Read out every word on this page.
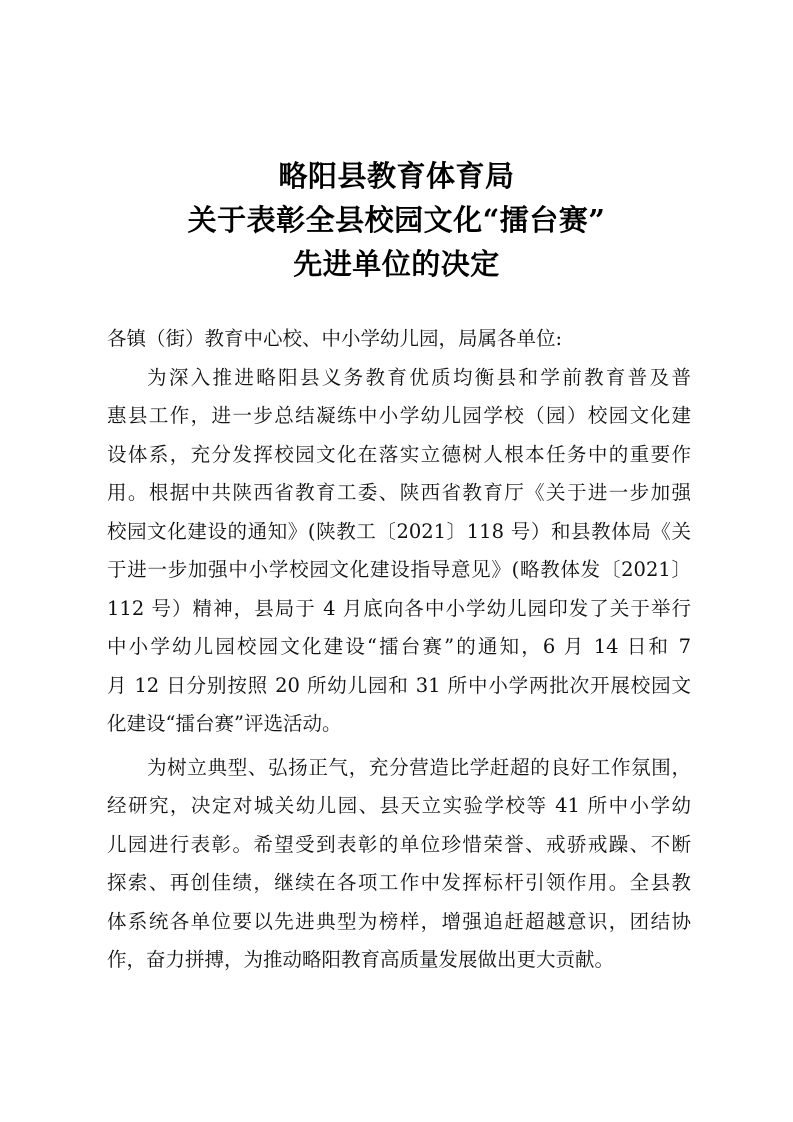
略阳县教育体育局
关于表彰全县校园文化“擂台赛”
先进单位的决定
各镇（街）教育中心校、中小学幼儿园，局属各单位:
为深入推进略阳县义务教育优质均衡县和学前教育普及普
惠县工作，进一步总结凝练中小学幼儿园学校（园）校园文化建
设体系，充分发挥校园文化在落实立德树人根本任务中的重要作
用。根据中共陕西省教育工委、陕西省教育厅《关于进一步加强
校园文化建设的通知》(陕教工〔2021〕118 号）和县教体局《关
于进一步加强中小学校园文化建设指导意见》(略教体发〔2021〕
112 号）精神，县局于 4 月底向各中小学幼儿园印发了关于举行
中小学幼儿园校园文化建设“擂台赛”的通知，6 月 14 日和 7
月 12 日分别按照 20 所幼儿园和 31 所中小学两批次开展校园文
化建设“擂台赛”评选活动。
为树立典型、弘扬正气，充分营造比学赶超的良好工作氛围，
经研究，决定对城关幼儿园、县天立实验学校等 41 所中小学幼
儿园进行表彰。希望受到表彰的单位珍惜荣誉、戒骄戒躁、不断
探索、再创佳绩，继续在各项工作中发挥标杆引领作用。全县教
体系统各单位要以先进典型为榜样，增强追赶超越意识，团结协
作，奋力拼搏，为推动略阳教育高质量发展做出更大贡献。
